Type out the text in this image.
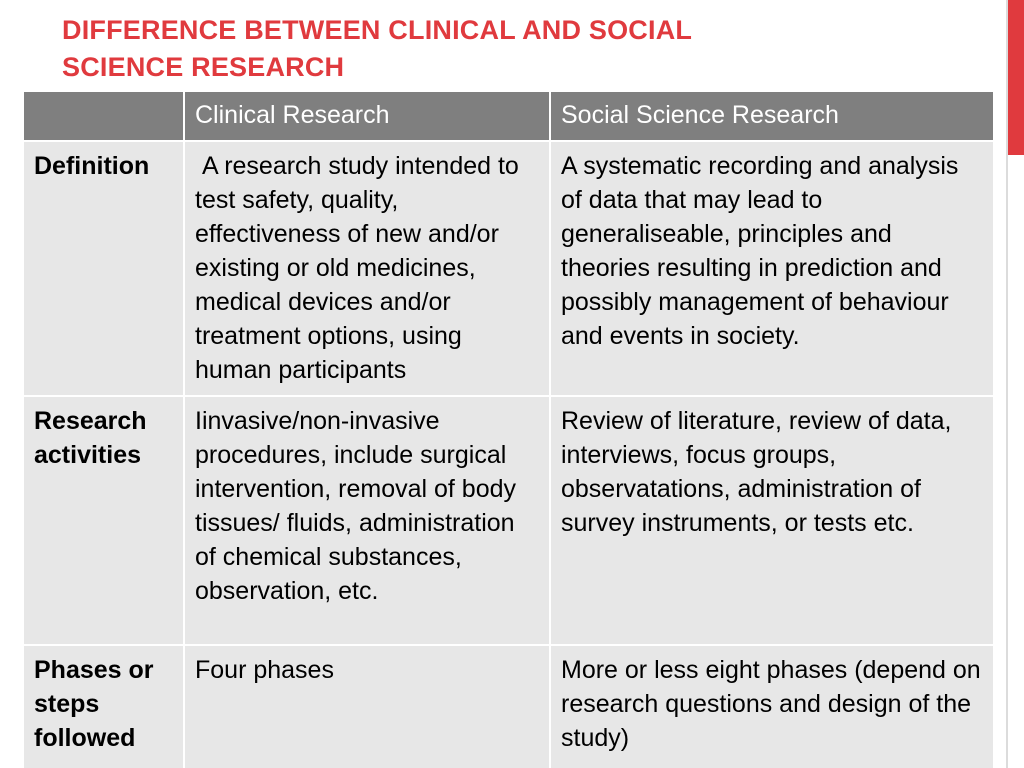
DIFFERENCE BETWEEN CLINICAL AND SOCIAL
SCIENCE RESEARCH
	Clinical Research	Social Science Research
Definition	A research study intended to test safety, quality, effectiveness of new and/or existing or old medicines, medical devices and/or treatment options, using human participants	A systematic recording and analysis of data that may lead to generaliseable, principles and theories resulting in prediction and possibly management of behaviour and events in society.
Research activities	Iinvasive/non-invasive procedures, include surgical intervention, removal of body tissues/ fluids, administration of chemical substances, observation, etc.	Review of literature, review of data, interviews, focus groups, observatations, administration of survey instruments, or tests etc.
Phases or steps followed	Four phases	More or less eight phases (depend on research questions and design of the study)
